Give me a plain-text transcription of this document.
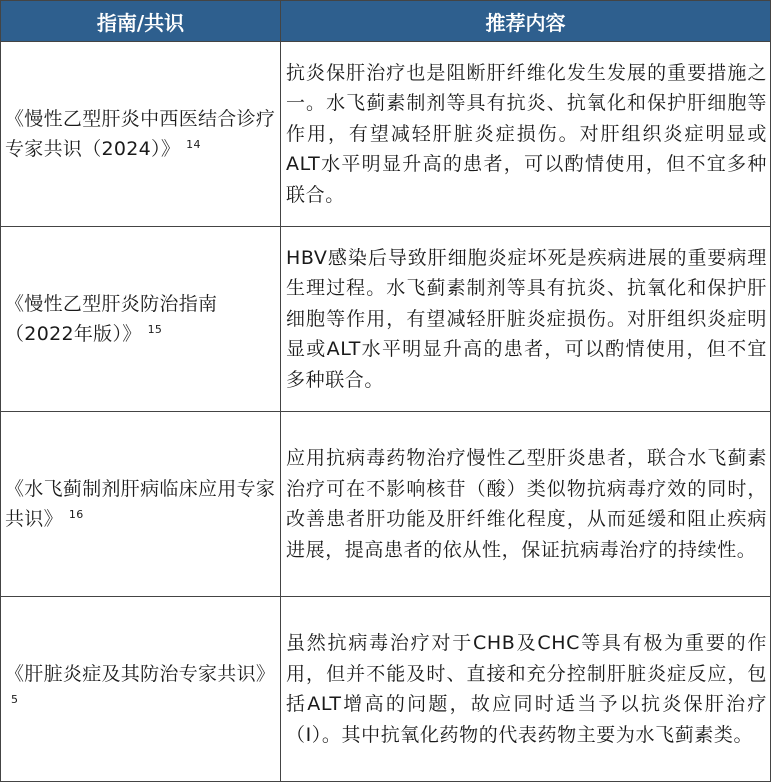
指南/共识	推荐内容
《慢性乙型肝炎中西医结合诊疗专家共识（2024）》 $^{14}$	抗炎保肝治疗也是阻断肝纤维化发生发展的重要措施之一。水飞蓟素制剂等具有抗炎、抗氧化和保护肝细胞等作用，有望减轻肝脏炎症损伤。对肝组织炎症明显或ALT水平明显升高的患者，可以酌情使用，但不宜多种联合。
《慢性乙型肝炎防治指南（2022年版）》 $^{15}$	HBV感染后导致肝细胞炎症坏死是疾病进展的重要病理生理过程。水飞蓟素制剂等具有抗炎、抗氧化和保护肝细胞等作用，有望减轻肝脏炎症损伤。对肝组织炎症明显或ALT水平明显升高的患者，可以酌情使用，但不宜多种联合。
《水飞蓟制剂肝病临床应用专家共识》 $^{16}$	应用抗病毒药物治疗慢性乙型肝炎患者，联合水飞蓟素治疗可在不影响核苷（酸）类似物抗病毒疗效的同时，改善患者肝功能及肝纤维化程度，从而延缓和阻止疾病进展，提高患者的依从性，保证抗病毒治疗的持续性。
《肝脏炎症及其防治专家共识》$^5$	虽然抗病毒治疗对于CHB及CHC等具有极为重要的作用，但并不能及时、直接和充分控制肝脏炎症反应，包括ALT增高的问题，故应同时适当予以抗炎保肝治疗（I）。其中抗氧化药物的代表药物主要为水飞蓟素类。
